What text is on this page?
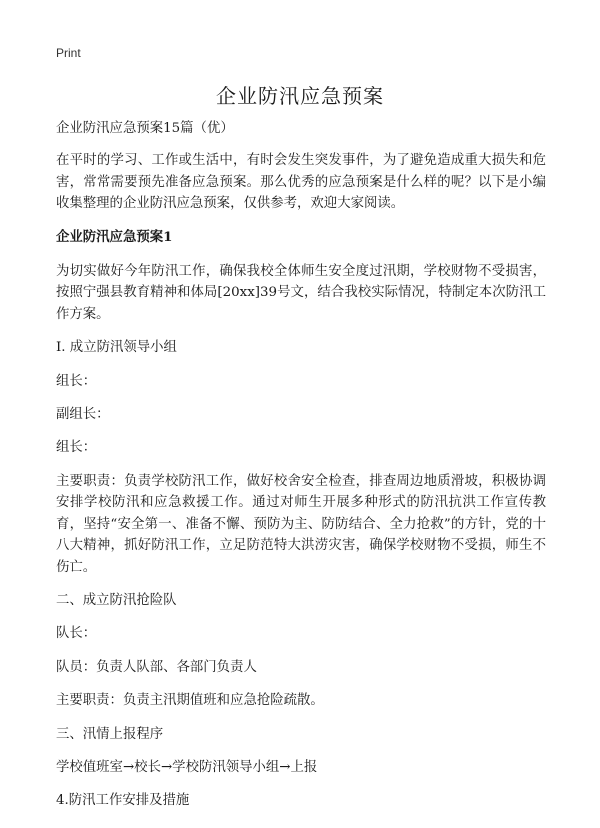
Print
企业防汛应急预案

企业防汛应急预案15篇（优）

在平时的学习、工作或生活中，有时会发生突发事件，为了避免造成重大损失和危害，常常需要预先准备应急预案。那么优秀的应急预案是什么样的呢？以下是小编收集整理的企业防汛应急预案，仅供参考，欢迎大家阅读。

企业防汛应急预案1

为切实做好今年防汛工作，确保我校全体师生安全度过汛期，学校财物不受损害，按照宁强县教育精神和体局[20xx]39号文，结合我校实际情况，特制定本次防汛工作方案。

I. 成立防汛领导小组

组长：

副组长：

组长：

主要职责：负责学校防汛工作，做好校舍安全检查，排查周边地质滑坡，积极协调安排学校防汛和应急救援工作。通过对师生开展多种形式的防汛抗洪工作宣传教育，坚持“安全第一、准备不懈、预防为主、防防结合、全力抢救”的方针，党的十八大精神，抓好防汛工作，立足防范特大洪涝灾害，确保学校财物不受损，师生不伤亡。

二、成立防汛抢险队

队长：

队员：负责人队部、各部门负责人

主要职责：负责主汛期值班和应急抢险疏散。

三、汛情上报程序

学校值班室→校长→学校防汛领导小组→上报

4.防汛工作安排及措施
